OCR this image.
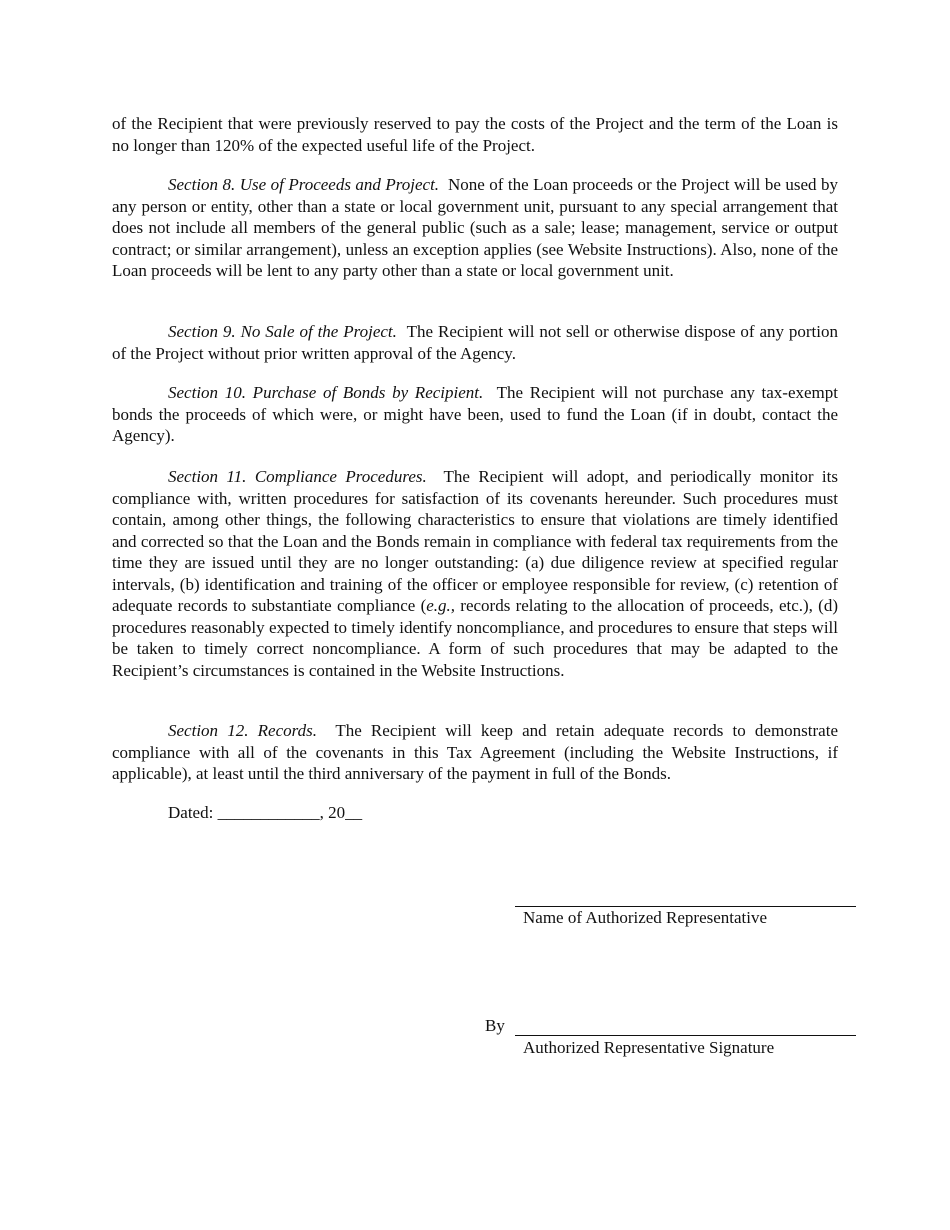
of the Recipient that were previously reserved to pay the costs of the Project and the term of the Loan is no longer than 120% of the expected useful life of the Project.

Section 8. Use of Proceeds and Project. None of the Loan proceeds or the Project will be used by any person or entity, other than a state or local government unit, pursuant to any special arrangement that does not include all members of the general public (such as a sale; lease; management, service or output contract; or similar arrangement), unless an exception applies (see Website Instructions). Also, none of the Loan proceeds will be lent to any party other than a state or local government unit.

Section 9. No Sale of the Project. The Recipient will not sell or otherwise dispose of any portion of the Project without prior written approval of the Agency.

Section 10. Purchase of Bonds by Recipient. The Recipient will not purchase any tax-exempt bonds the proceeds of which were, or might have been, used to fund the Loan (if in doubt, contact the Agency).

Section 11. Compliance Procedures. The Recipient will adopt, and periodically monitor its compliance with, written procedures for satisfaction of its covenants hereunder. Such procedures must contain, among other things, the following characteristics to ensure that violations are timely identified and corrected so that the Loan and the Bonds remain in compliance with federal tax requirements from the time they are issued until they are no longer outstanding: (a) due diligence review at specified regular intervals, (b) identification and training of the officer or employee responsible for review, (c) retention of adequate records to substantiate compliance (e.g., records relating to the allocation of proceeds, etc.), (d) procedures reasonably expected to timely identify noncompliance, and procedures to ensure that steps will be taken to timely correct noncompliance. A form of such procedures that may be adapted to the Recipient’s circumstances is contained in the Website Instructions.

Section 12. Records. The Recipient will keep and retain adequate records to demonstrate compliance with all of the covenants in this Tax Agreement (including the Website Instructions, if applicable), at least until the third anniversary of the payment in full of the Bonds.

Dated: ____________, 20__
Name of Authorized Representative
By
Authorized Representative Signature
